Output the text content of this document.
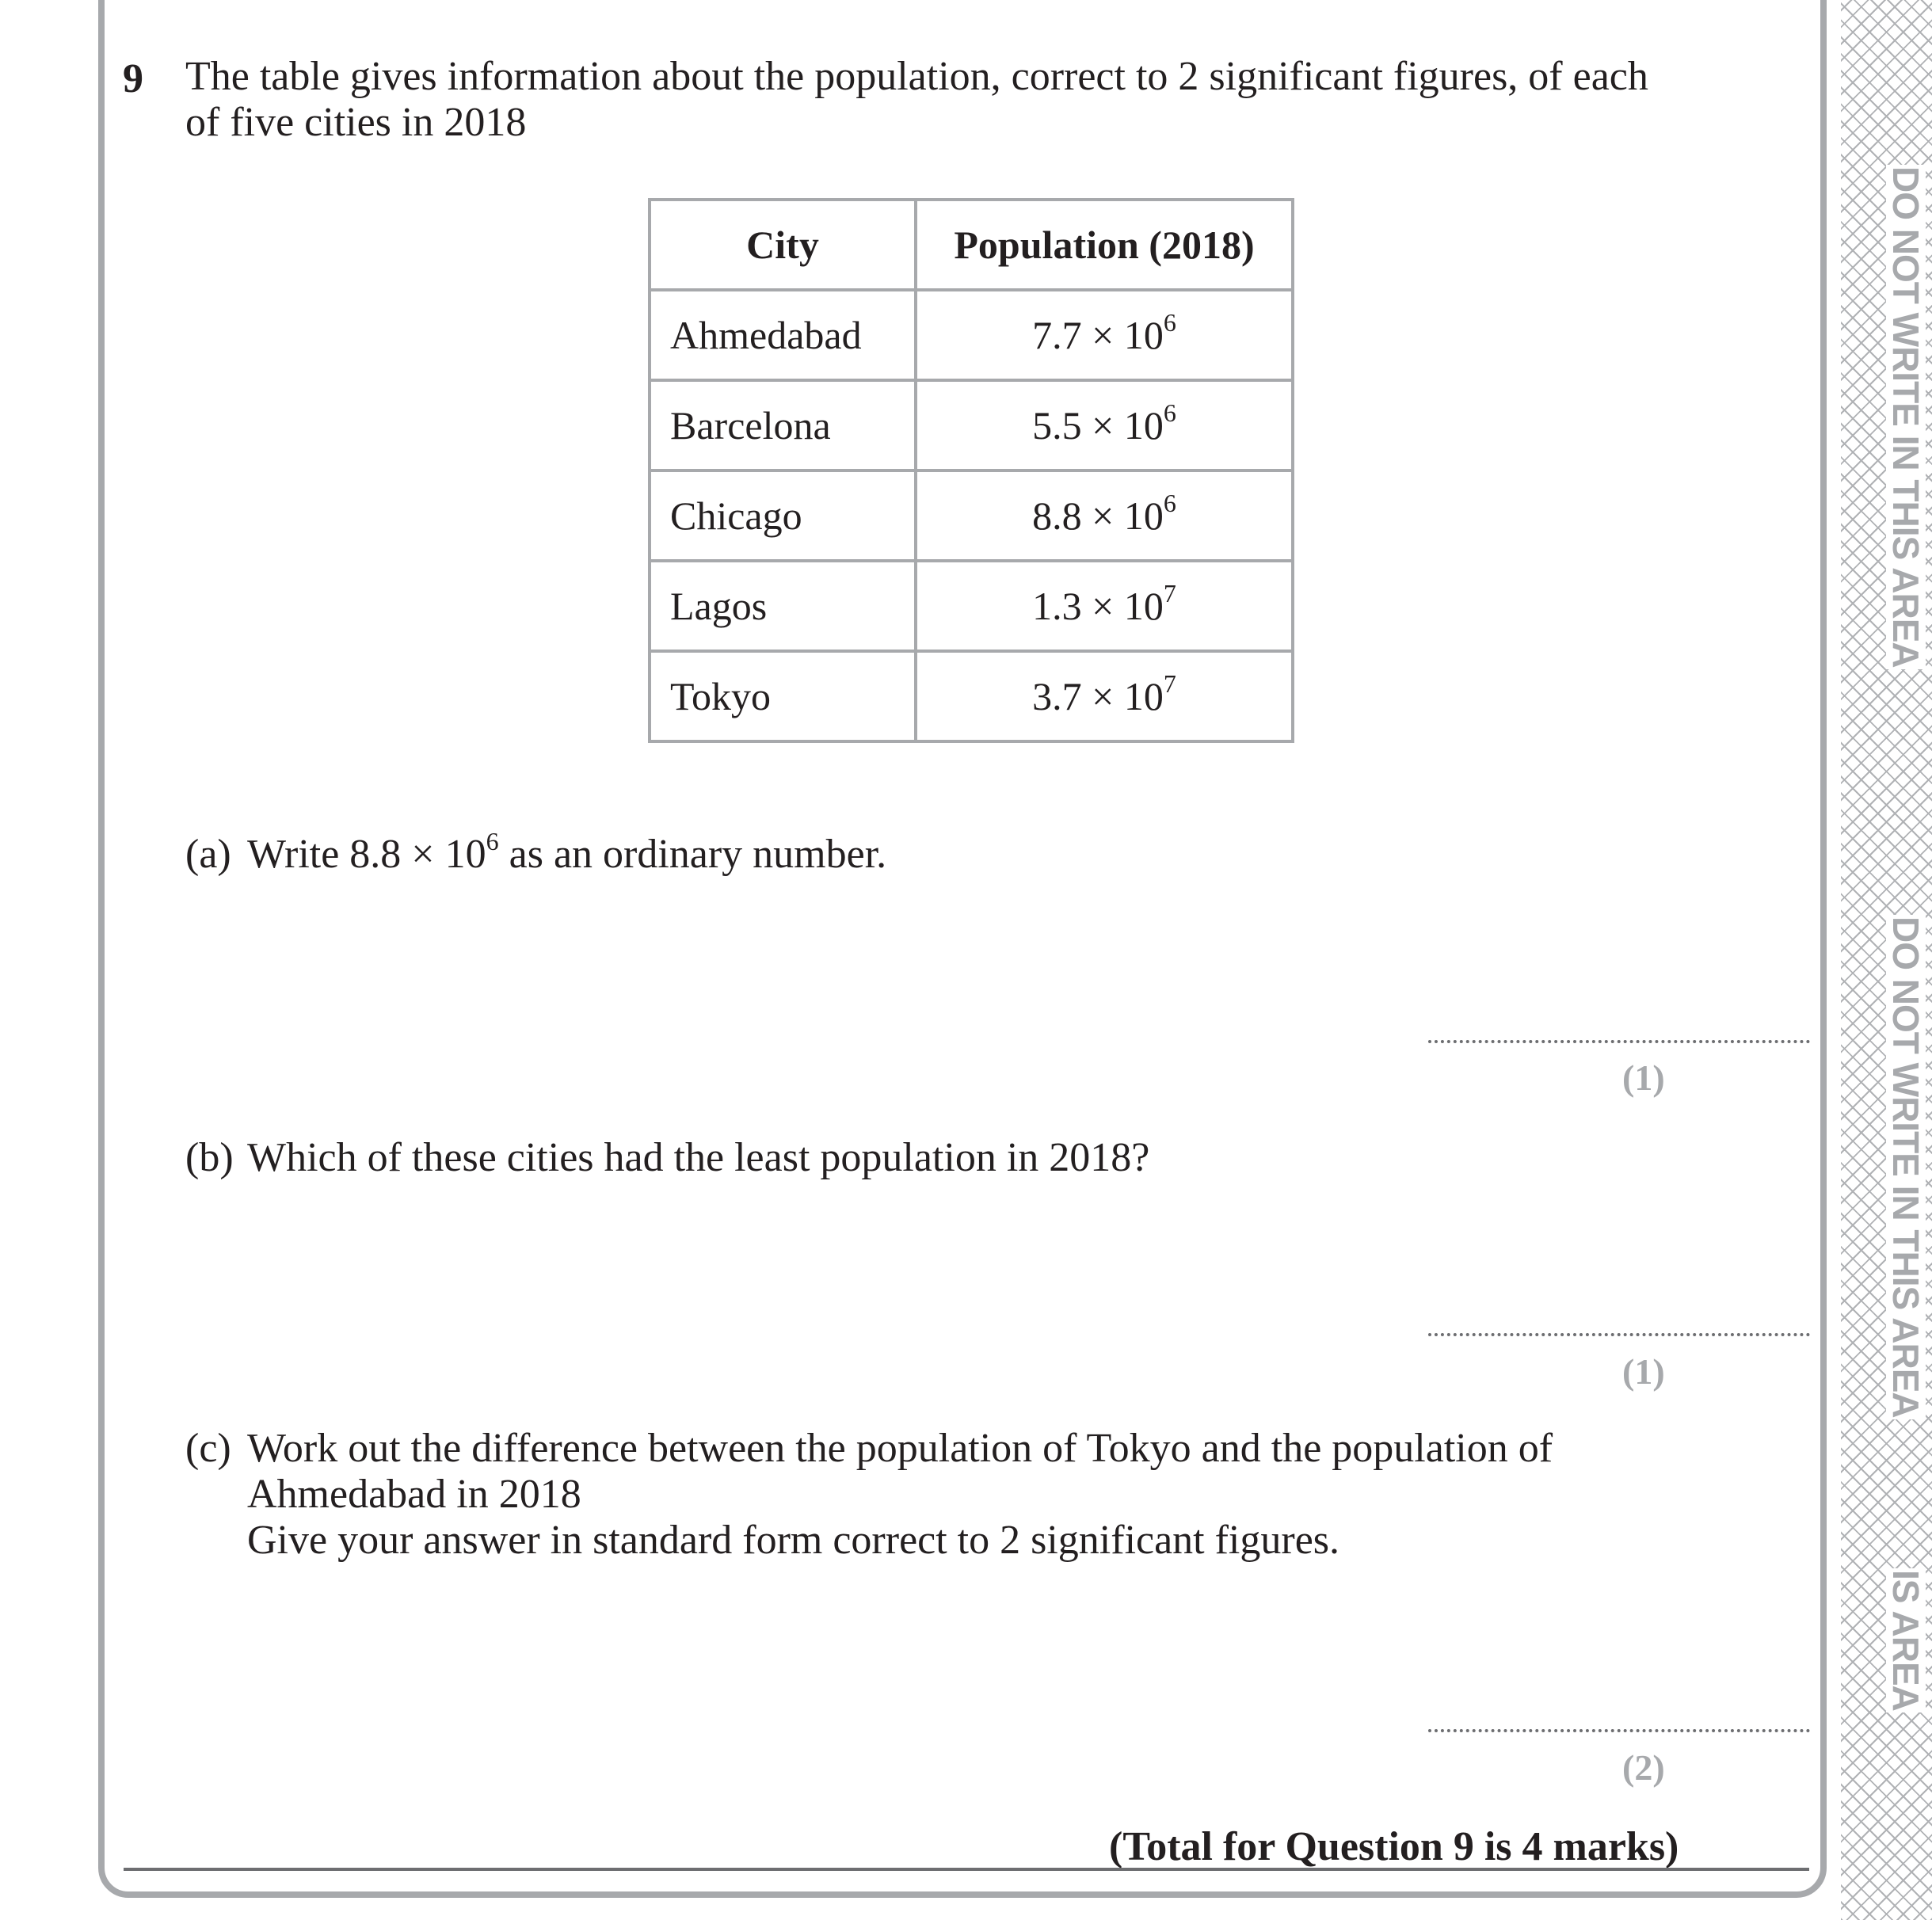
DO NOT WRITE IN THIS AREA
DO NOT WRITE IN THIS AREA
IS AREA
9 The table gives information about the population, correct to 2 significant figures, of each of five cities in 2018
City	Population (2018)
Ahmedabad	$7.7 \times 10^6$
Barcelona	$5.5 \times 10^6$
Chicago	$8.8 \times 10^6$
Lagos	$1.3 \times 10^7$
Tokyo	$3.7 \times 10^7$
(a) Write $8.8 \times 10^6$ as an ordinary number.
(1)
(b) Which of these cities had the least population in 2018?
(1)
(c) Work out the difference between the population of Tokyo and the population of
Ahmedabad in 2018
Give your answer in standard form correct to 2 significant figures.
(2)
(Total for Question 9 is 4 marks)
